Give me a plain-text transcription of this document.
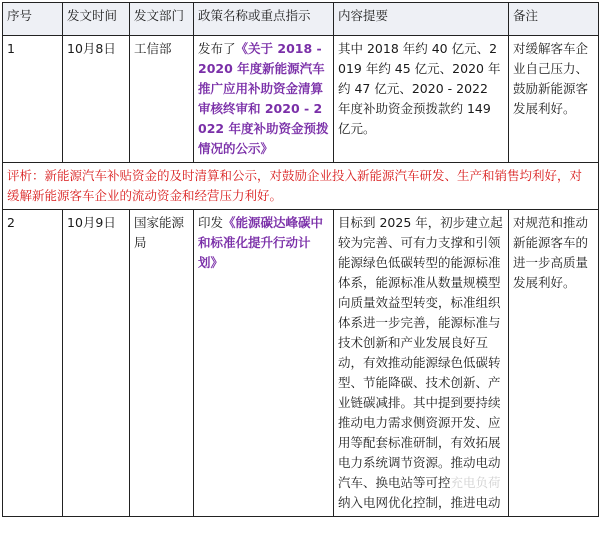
序号	发文时间	发文部门	政策名称或重点指示	内容提要	备注
1	10月8日	工信部	发布了《关于 2018 - 2020 年度新能源汽车推广应用补助资金清算审核终审和 2020 - 2022 年度补助资金预拨情况的公示》	其中 2018 年约 40 亿元、2019 年约 45 亿元、2020 年约 47 亿元、2020 - 2022 年度补助资金预拨款约 149 亿元。	对缓解客车企业自己压力、鼓励新能源客发展利好。
评析：新能源汽车补贴资金的及时清算和公示，对鼓励企业投入新能源汽车研发、生产和销售均利好，对缓解新能源客车企业的流动资金和经营压力利好。					
2	10月9日	国家能源局	印发《能源碳达峰碳中和标准化提升行动计划》	目标到 2025 年，初步建立起较为完善、可有力支撑和引领能源绿色低碳转型的能源标准体系，能源标准从数量规模型向质量效益型转变，标准组织体系进一步完善，能源标准与技术创新和产业发展良好互动，有效推动能源绿色低碳转型、节能降碳、技术创新、产业链碳减排。其中提到要持续推动电力需求侧资源开发、应用等配套标准研制，有效拓展电力系统调节资源。推动电动汽车、换电站等可控充电负荷纳入电网优化控制，推进电动	对规范和推动新能源客车的进一步高质量发展利好。
